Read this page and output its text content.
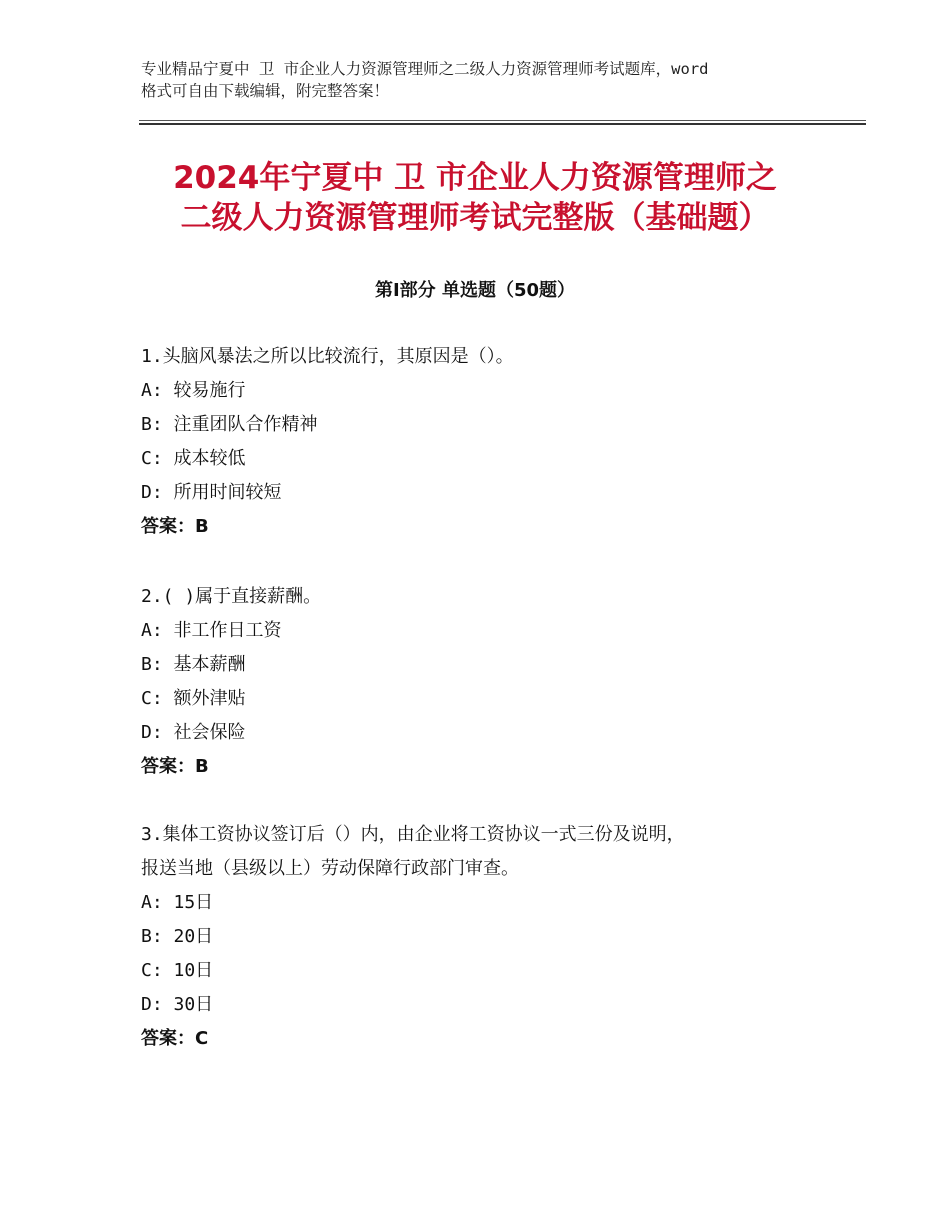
专业精品宁夏中 卫 市企业人力资源管理师之二级人力资源管理师考试题库，word
格式可自由下载编辑，附完整答案！
2024年宁夏中 卫 市企业人力资源管理师之
二级人力资源管理师考试完整版（基础题）
第Ⅰ部分 单选题（50题）
1.头脑风暴法之所以比较流行，其原因是（）。
A: 较易施行
B: 注重团队合作精神
C: 成本较低
D: 所用时间较短
答案：B
2.( )属于直接薪酬。
A: 非工作日工资
B: 基本薪酬
C: 额外津贴
D: 社会保险
答案：B
3.集体工资协议签订后（）内，由企业将工资协议一式三份及说明，
报送当地（县级以上）劳动保障行政部门审查。
A: 15日
B: 20日
C: 10日
D: 30日
答案：C
